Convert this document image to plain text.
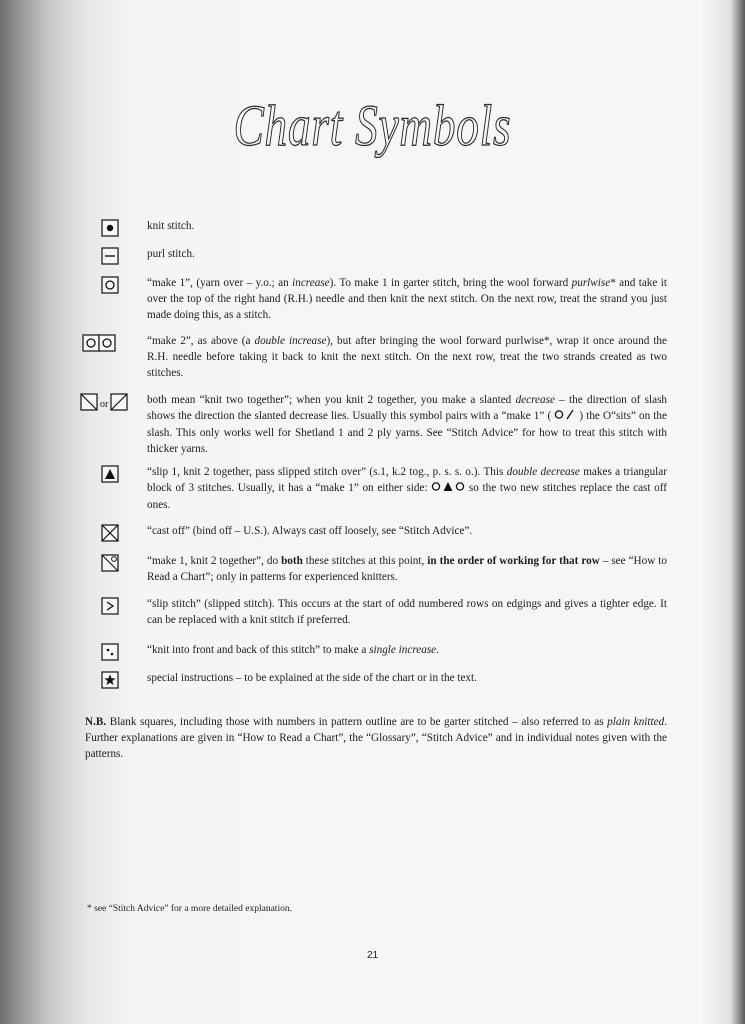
Chart Symbols
knit stitch.
purl stitch.
“make 1”, (yarn over – y.o.; an increase). To make 1 in garter stitch, bring the wool forward purlwise* and take it over the top of the right hand (R.H.) needle and then knit the next stitch. On the next row, treat the strand you just made doing this, as a stitch.
“make 2”, as above (a double increase), but after bringing the wool forward purlwise*, wrap it once around the R.H. needle before taking it back to knit the next stitch. On the next row, treat the two strands created as two stitches.
or	both mean “knit two together”; when you knit 2 together, you make a slanted decrease – the direction of slash shows the direction the slanted decrease lies. Usually this symbol pairs with a “make 1” (  ) the O“sits” on the slash. This only works well for Shetland 1 and 2 ply yarns. See “Stitch Advice” for how to treat this stitch with thicker yarns.
“slip 1, knit 2 together, pass slipped stitch over” (s.1, k.2 tog., p. s. s. o.). This double decrease makes a triangular block of 3 stitches. Usually, it has a “make 1” on either side:	so the two new stitches replace the cast off ones.
“cast off” (bind off – U.S.). Always cast off loosely, see “Stitch Advice”.
“make 1, knit 2 together”, do both these stitches at this point, in the order of working for that row – see “How to Read a Chart”; only in patterns for experienced knitters.
“slip stitch” (slipped stitch). This occurs at the start of odd numbered rows on edgings and gives a tighter edge. It can be replaced with a knit stitch if preferred.
“knit into front and back of this stitch” to make a single increase.
special instructions – to be explained at the side of the chart or in the text.
N.B. Blank squares, including those with numbers in pattern outline are to be garter stitched – also referred to as plain knitted. Further explanations are given in “How to Read a Chart”, the “Glossary”, “Stitch Advice” and in individual notes given with the patterns.
* see “Stitch Advice” for a more detailed explanation.
21
